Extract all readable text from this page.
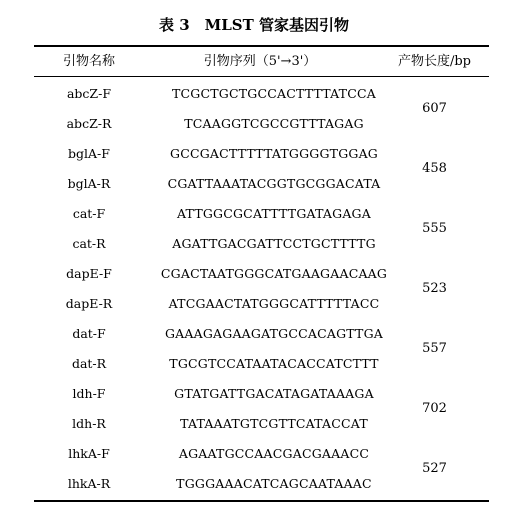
表 3　MLST 管家基因引物
引物名称	引物序列（5'→3'）	产物长度/bp
abcZ-F	TCGCTGCTGCCACTTTTATCCA
abcZ-R	TCAAGGTCGCCGTTTAGAG
607
bglA-F	GCCGACTTTTTATGGGGTGGAG
bglA-R	CGATTAAATACGGTGCGGACATA
458
cat-F	ATTGGCGCATTTTGATAGAGA
cat-R	AGATTGACGATTCCTGCTTTTG
555
dapE-F	CGACTAATGGGCATGAAGAACAAG
dapE-R	ATCGAACTATGGGCATTTTTACC
523
dat-F	GAAAGAGAAGATGCCACAGTTGA
dat-R	TGCGTCCATAATACACCATCTTT
557
ldh-F	GTATGATTGACATAGATAAAGA
ldh-R	TATAAATGTCGTTCATACCAT
702
lhkA-F	AGAATGCCAACGACGAAACC
lhkA-R	TGGGAAACATCAGCAATAAAC
527
